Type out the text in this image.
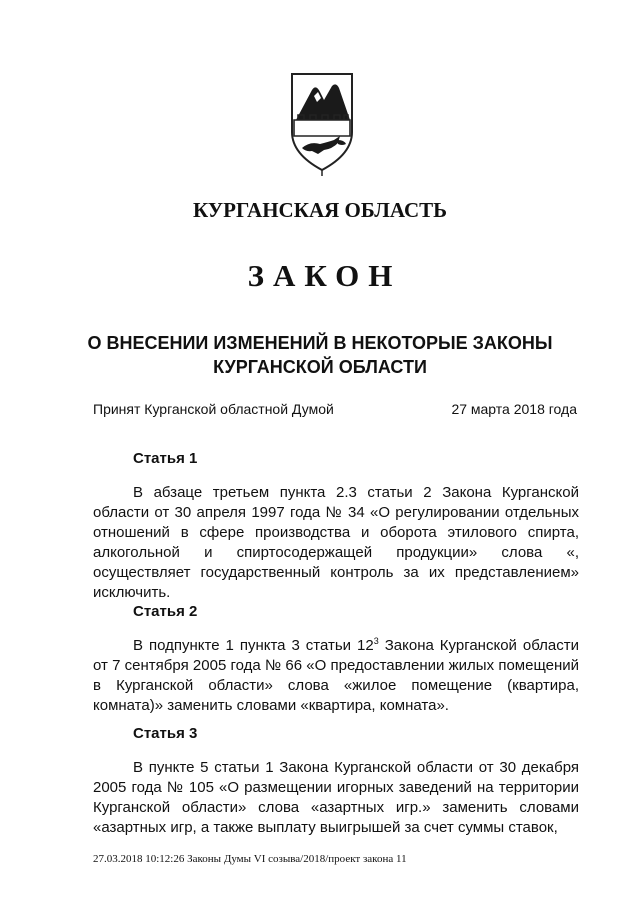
КУРГАНСКАЯ ОБЛАСТЬ
ЗАКОН
О ВНЕСЕНИИ ИЗМЕНЕНИЙ В НЕКОТОРЫЕ ЗАКОНЫ КУРГАНСКОЙ ОБЛАСТИ
Принят Курганской областной Думой	27 марта 2018 года
Статья 1
В абзаце третьем пункта 2.3 статьи 2 Закона Курганской области от 30 апреля 1997 года № 34 «О регулировании отдельных отношений в сфере производства и оборота этилового спирта, алкогольной и спиртосодержащей продукции» слова «, осуществляет государственный контроль за их представлением» исключить.
Статья 2
В подпункте 1 пункта 3 статьи $12^3$ Закона Курганской области от 7 сентября 2005 года № 66 «О предоставлении жилых помещений в Курганской области» слова «жилое помещение (квартира, комната)» заменить словами «квартира, комната».
Статья 3
В пункте 5 статьи 1 Закона Курганской области от 30 декабря 2005 года № 105 «О размещении игорных заведений на территории Курганской области» слова «азартных игр.» заменить словами «азартных игр, а также выплату выигрышей за счет суммы ставок,
27.03.2018 10:12:26 Законы Думы VI созыва/2018/проект закона 11
